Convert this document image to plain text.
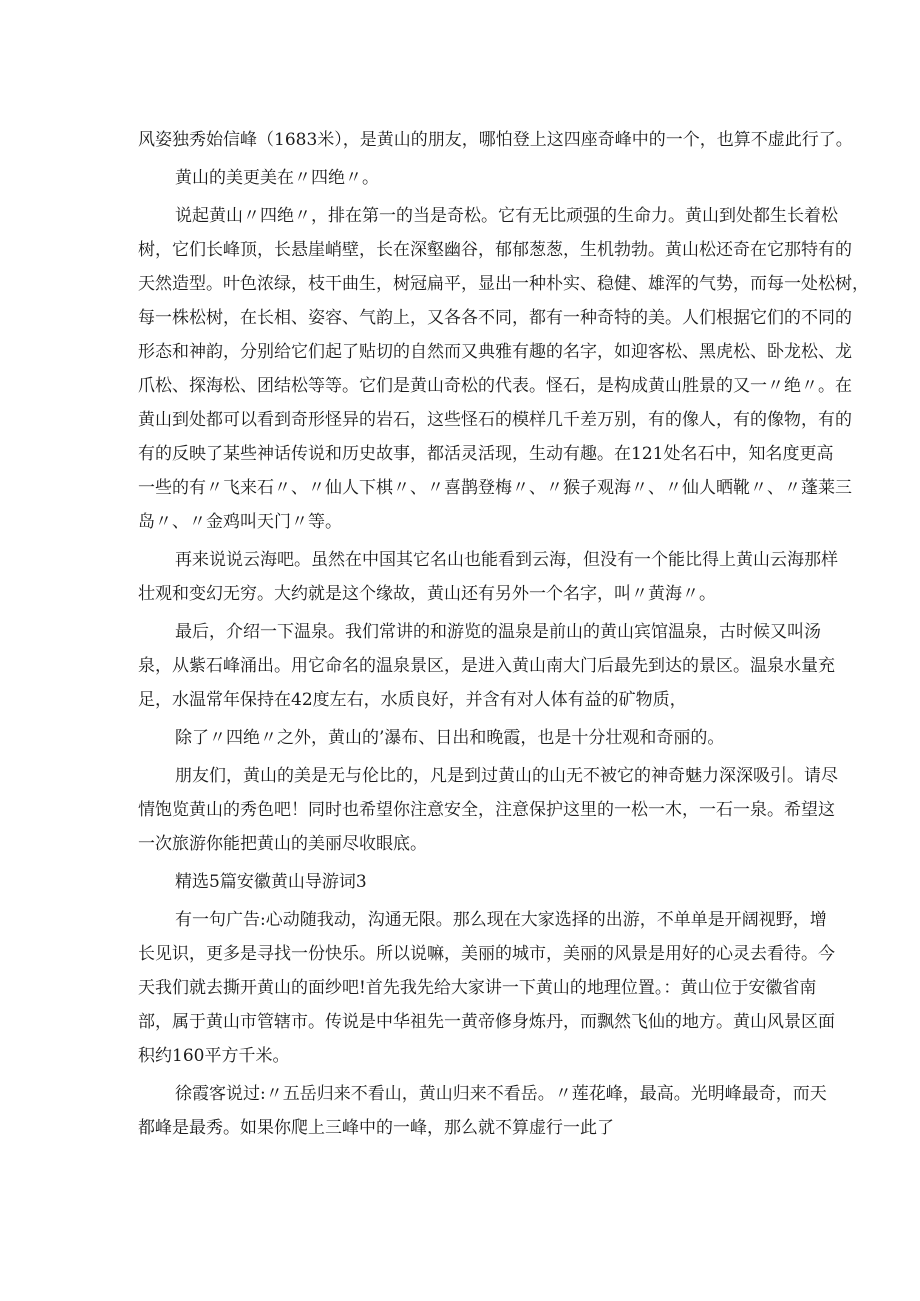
风姿独秀始信峰（1683米），是黄山的朋友，哪怕登上这四座奇峰中的一个，也算不虚此行了。
黄山的美更美在〃四绝〃。
说起黄山〃四绝〃，排在第一的当是奇松。它有无比顽强的生命力。黄山到处都生长着松
树，它们长峰顶，长悬崖峭壁，长在深壑幽谷，郁郁葱葱，生机勃勃。黄山松还奇在它那特有的
天然造型。叶色浓绿，枝干曲生，树冠扁平，显出一种朴实、稳健、雄浑的气势，而每一处松树，
每一株松树，在长相、姿容、气韵上，又各各不同，都有一种奇特的美。人们根据它们的不同的
形态和神韵，分别给它们起了贴切的自然而又典雅有趣的名字，如迎客松、黑虎松、卧龙松、龙
爪松、探海松、团结松等等。它们是黄山奇松的代表。怪石，是构成黄山胜景的又一〃绝〃。在
黄山到处都可以看到奇形怪异的岩石，这些怪石的模样几千差万别，有的像人，有的像物，有的
有的反映了某些神话传说和历史故事，都活灵活现，生动有趣。在121处名石中，知名度更高
一些的有〃飞来石〃、〃仙人下棋〃、〃喜鹊登梅〃、〃猴子观海〃、〃仙人晒靴〃、〃蓬莱三
岛〃、〃金鸡叫天门〃等。
再来说说云海吧。虽然在中国其它名山也能看到云海，但没有一个能比得上黄山云海那样
壮观和变幻无穷。大约就是这个缘故，黄山还有另外一个名字，叫〃黄海〃。
最后，介绍一下温泉。我们常讲的和游览的温泉是前山的黄山宾馆温泉，古时候又叫汤
泉，从紫石峰涌出。用它命名的温泉景区，是进入黄山南大门后最先到达的景区。温泉水量充
足，水温常年保持在42度左右，水质良好，并含有对人体有益的矿物质，
除了〃四绝〃之外，黄山的’瀑布、日出和晚霞，也是十分壮观和奇丽的。
朋友们，黄山的美是无与伦比的，凡是到过黄山的山无不被它的神奇魅力深深吸引。请尽
情饱览黄山的秀色吧！同时也希望你注意安全，注意保护这里的一松一木，一石一泉。希望这
一次旅游你能把黄山的美丽尽收眼底。
精选5篇安徽黄山导游词3
有一句广告:心动随我动，沟通无限。那么现在大家选择的出游，不单单是开阔视野，增
长见识，更多是寻找一份快乐。所以说嘛，美丽的城市，美丽的风景是用好的心灵去看待。今
天我们就去撕开黄山的面纱吧!首先我先给大家讲一下黄山的地理位置。：黄山位于安徽省南
部，属于黄山市管辖市。传说是中华祖先一黄帝修身炼丹，而飘然飞仙的地方。黄山风景区面
积约160平方千米。
徐霞客说过:〃五岳归来不看山，黄山归来不看岳。〃莲花峰，最高。光明峰最奇，而天
都峰是最秀。如果你爬上三峰中的一峰，那么就不算虚行一此了
